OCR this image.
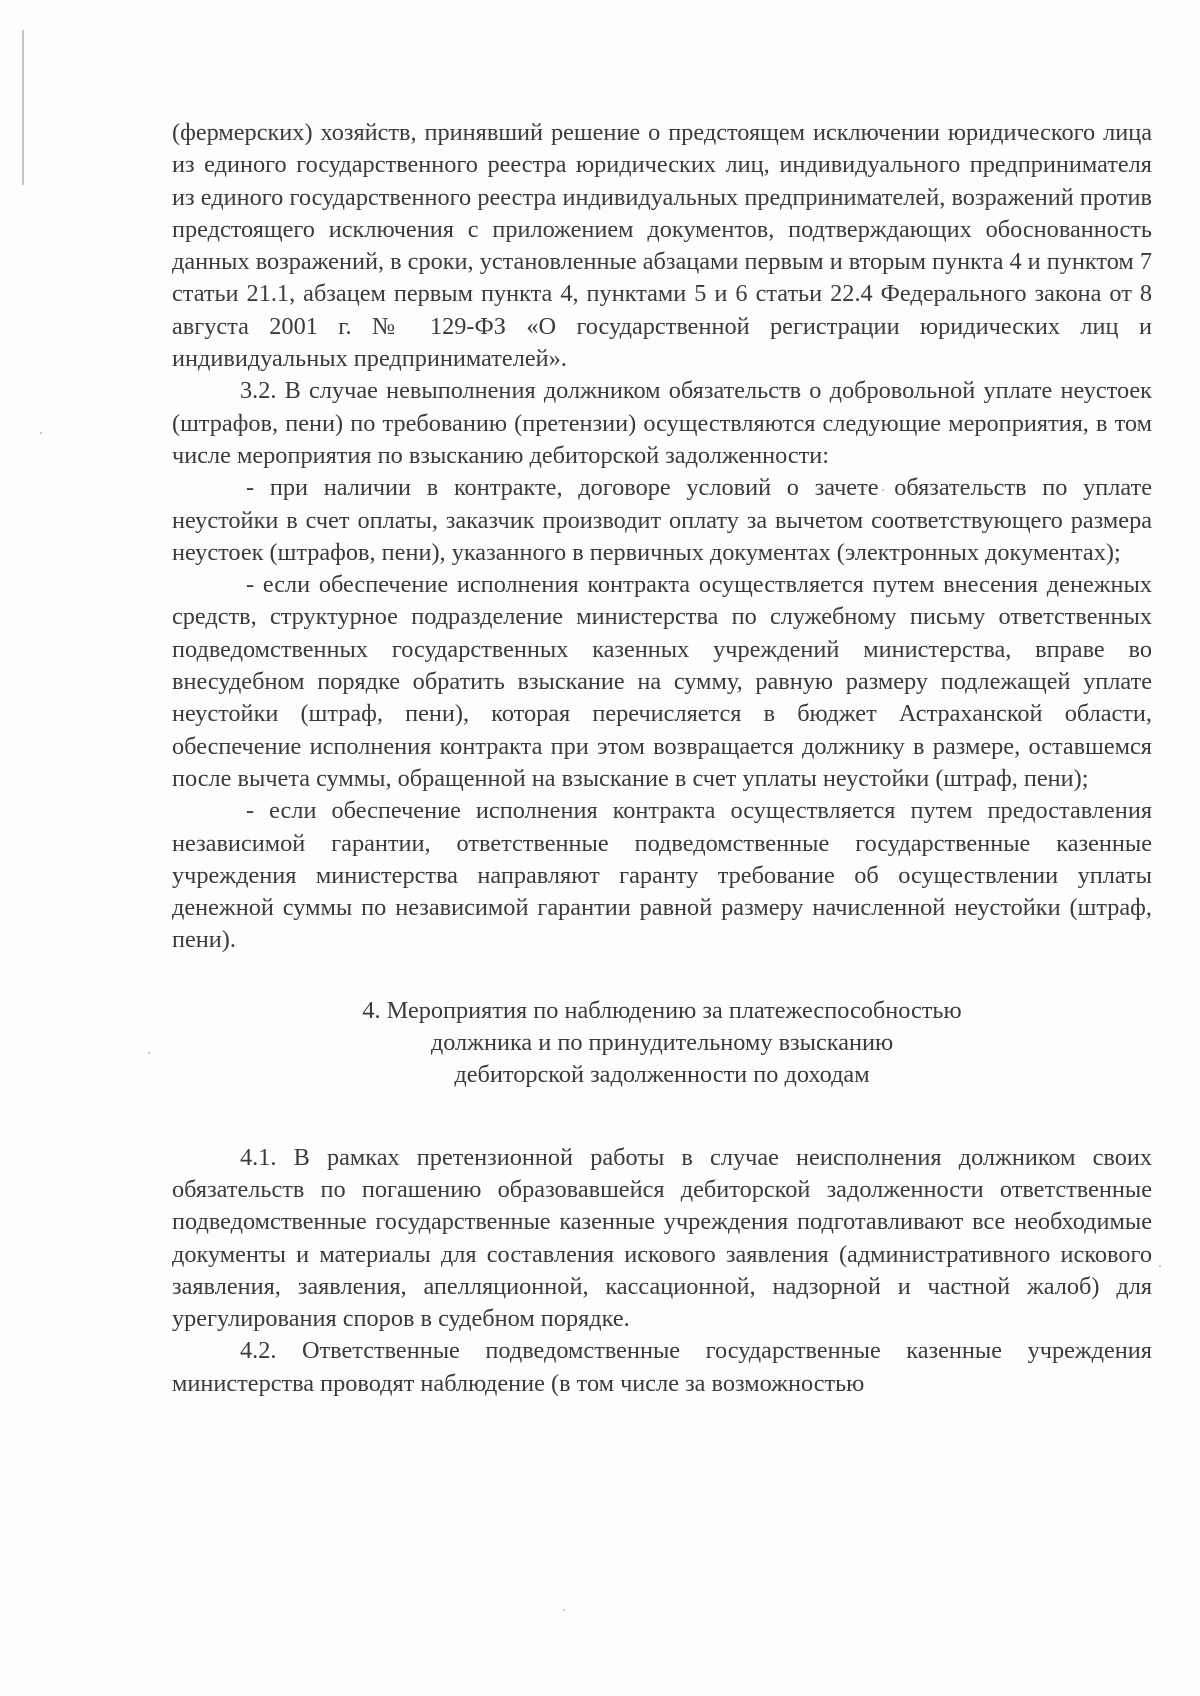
(фермерских) хозяйств, принявший решение о предстоящем исключении юридического лица из единого государственного реестра юридических лиц, индивидуального предпринимателя из единого государственного реестра индивидуальных предпринимателей, возражений против предстоящего исключения с приложением документов, подтверждающих обоснованность данных возражений, в сроки, установленные абзацами первым и вторым пункта 4 и пунктом 7 статьи 21.1, абзацем первым пункта 4, пунктами 5 и 6 статьи 22.4 Федерального закона от 8 августа 2001 г. № 129-ФЗ «О государственной регистрации юридических лиц и индивидуальных предпринимателей».

3.2. В случае невыполнения должником обязательств о добровольной уплате неустоек (штрафов, пени) по требованию (претензии) осуществляются следующие мероприятия, в том числе мероприятия по взысканию дебиторской задолженности:

- при наличии в контракте, договоре условий о зачете обязательств по уплате неустойки в счет оплаты, заказчик производит оплату за вычетом соответствующего размера неустоек (штрафов, пени), указанного в первичных документах (электронных документах);

- если обеспечение исполнения контракта осуществляется путем внесения денежных средств, структурное подразделение министерства по служебному письму ответственных подведомственных государственных казенных учреждений министерства, вправе во внесудебном порядке обратить взыскание на сумму, равную размеру подлежащей уплате неустойки (штраф, пени), которая перечисляется в бюджет Астраханской области, обеспечение исполнения контракта при этом возвращается должнику в размере, оставшемся после вычета суммы, обращенной на взыскание в счет уплаты неустойки (штраф, пени);

- если обеспечение исполнения контракта осуществляется путем предоставления независимой гарантии, ответственные подведомственные государственные казенные учреждения министерства направляют гаранту требование об осуществлении уплаты денежной суммы по независимой гарантии равной размеру начисленной неустойки (штраф, пени).

4. Мероприятия по наблюдению за платежеспособностью
должника и по принудительному взысканию
дебиторской задолженности по доходам

4.1. В рамках претензионной работы в случае неисполнения должником своих обязательств по погашению образовавшейся дебиторской задолженности ответственные подведомственные государственные казенные учреждения подготавливают все необходимые документы и материалы для составления искового заявления (административного искового заявления, заявления, апелляционной, кассационной, надзорной и частной жалоб) для урегулирования споров в судебном порядке.

4.2. Ответственные подведомственные государственные казенные учреждения министерства проводят наблюдение (в том числе за возможностью
